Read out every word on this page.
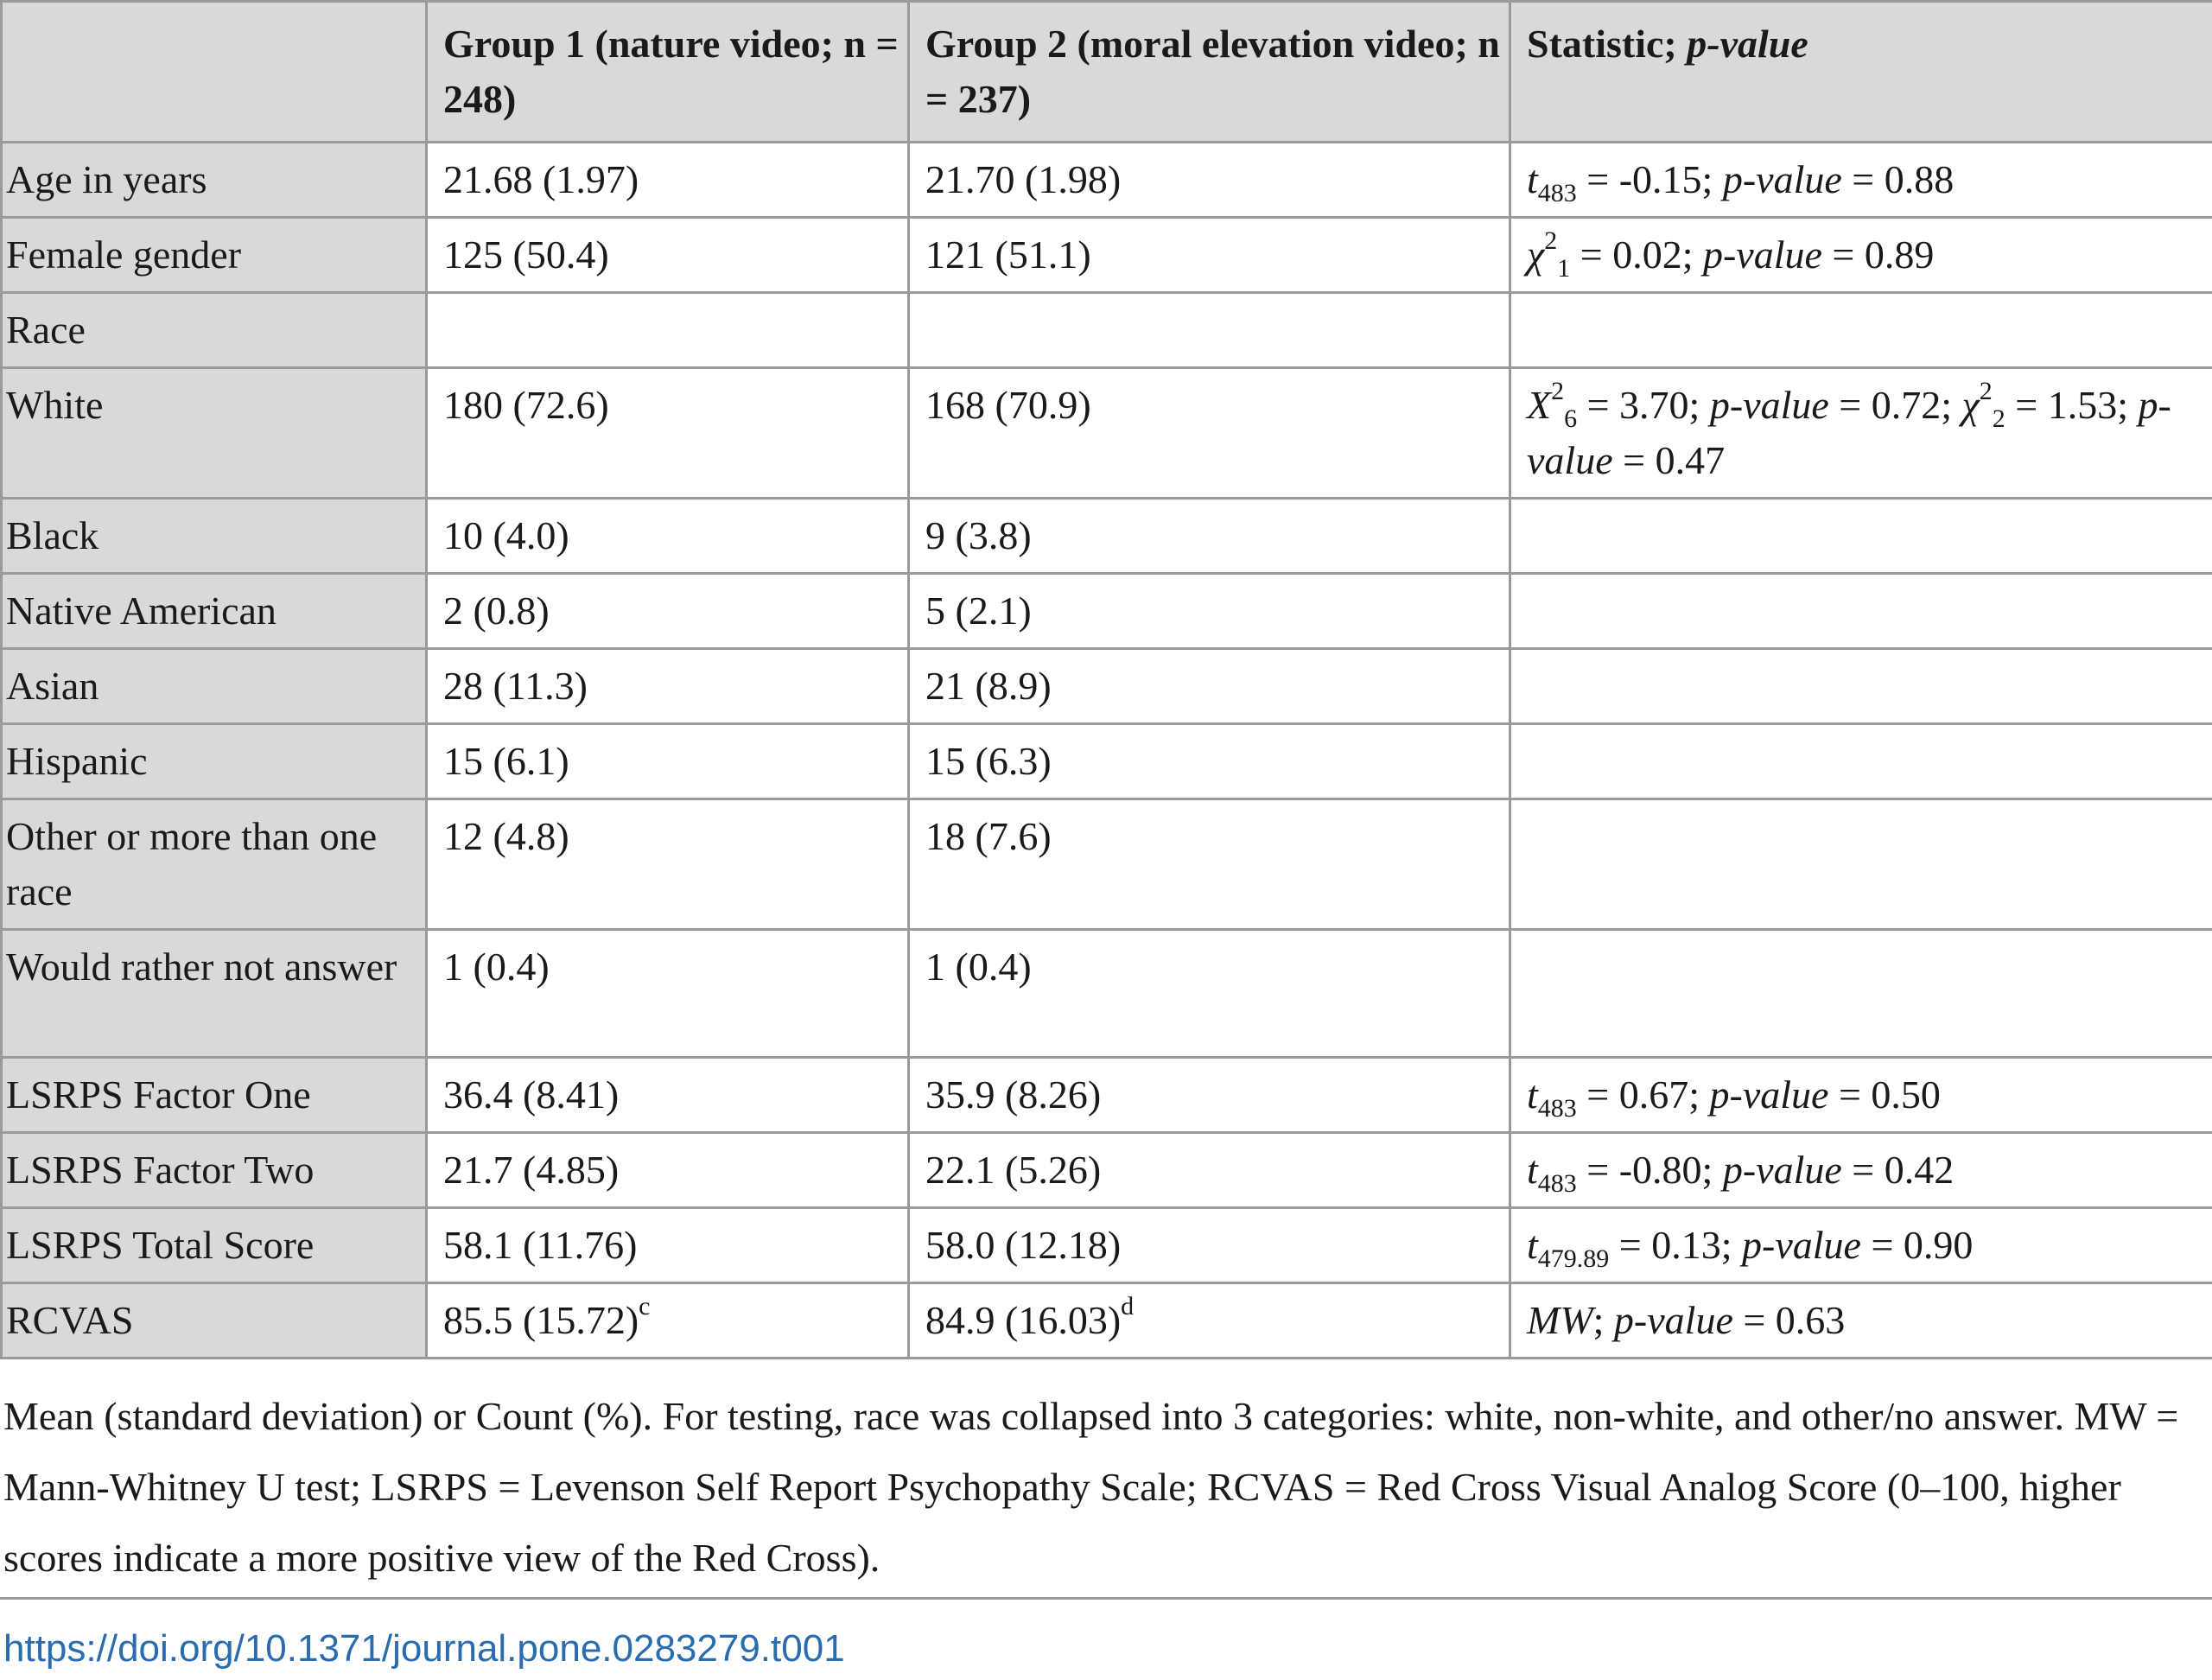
	Group 1 (nature video; n = 248)	Group 2 (moral elevation video; n = 237)	Statistic; p-value
Age in years	21.68 (1.97)	21.70 (1.98)	$t_{483} = -0.15$; p-value = 0.88
Female gender	125 (50.4)	121 (51.1)	$\chi^2_1 = 0.02$; p-value = 0.89
Race			
White	180 (72.6)	168 (70.9)	$X^2_6 = 3.70$; p-value = 0.72; $\chi^2_2 = 1.53$; p-value = 0.47
Black	10 (4.0)	9 (3.8)	
Native American	2 (0.8)	5 (2.1)	
Asian	28 (11.3)	21 (8.9)	
Hispanic	15 (6.1)	15 (6.3)	
Other or more than one race	12 (4.8)	18 (7.6)	
Would rather not answer	1 (0.4)	1 (0.4)	
LSRPS Factor One	36.4 (8.41)	35.9 (8.26)	$t_{483} = 0.67$; p-value = 0.50
LSRPS Factor Two	21.7 (4.85)	22.1 (5.26)	$t_{483} = -0.80$; p-value = 0.42
LSRPS Total Score	58.1 (11.76)	58.0 (12.18)	$t_{479.89} = 0.13$; p-value = 0.90
RCVAS	85.5 $(15.72)^c$	84.9 $(16.03)^d$	MW; p-value = 0.63
Mean (standard deviation) or Count (%). For testing, race was collapsed into 3 categories: white, non-white, and other/no answer. MW = Mann-Whitney U test; LSRPS = Levenson Self Report Psychopathy Scale; RCVAS = Red Cross Visual Analog Score (0–100, higher scores indicate a more positive view of the Red Cross).
https://doi.org/10.1371/journal.pone.0283279.t001
